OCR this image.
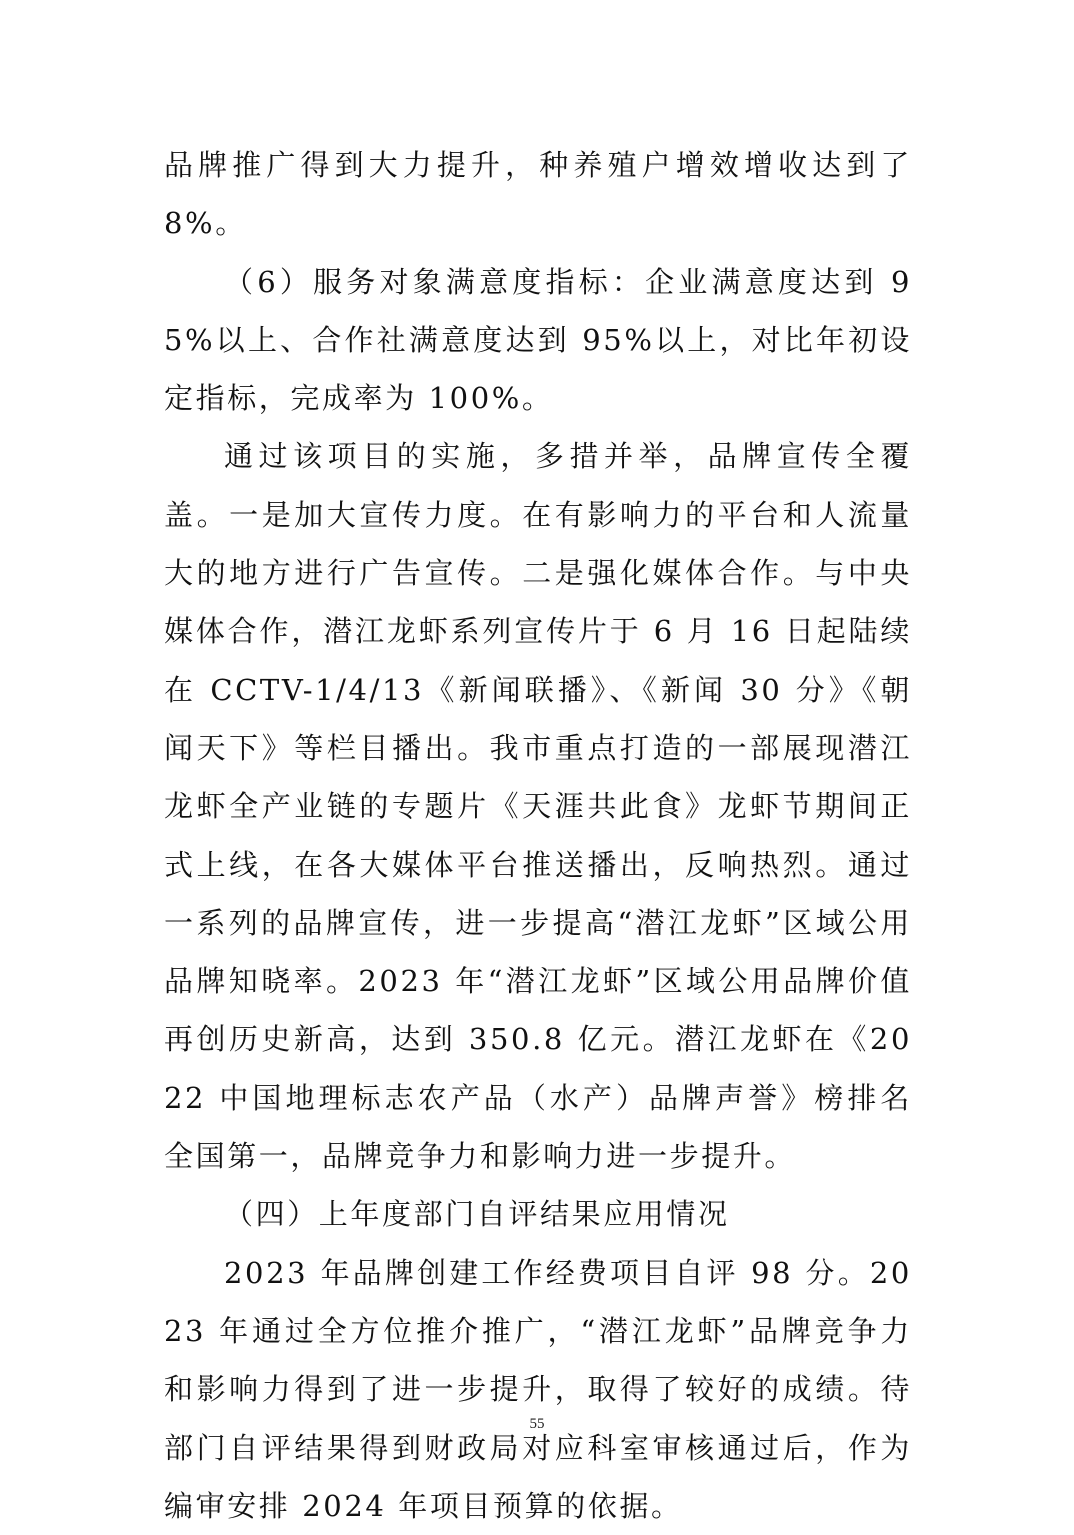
品牌推广得到大力提升，种养殖户增效增收达到了 8%。

（6）服务对象满意度指标：企业满意度达到 95%以上、合作社满意度达到 95%以上，对比年初设定指标，完成率为 100%。

通过该项目的实施，多措并举，品牌宣传全覆盖。一是加大宣传力度。在有影响力的平台和人流量大的地方进行广告宣传。二是强化媒体合作。与中央媒体合作，潜江龙虾系列宣传片于 6 月 16 日起陆续在 CCTV-1/4/13《新闻联播》、《新闻 30 分》《朝闻天下》等栏目播出。我市重点打造的一部展现潜江龙虾全产业链的专题片《天涯共此食》龙虾节期间正式上线，在各大媒体平台推送播出，反响热烈。通过一系列的品牌宣传，进一步提高“潜江龙虾”区域公用品牌知晓率。2023 年“潜江龙虾”区域公用品牌价值再创历史新高，达到 350.8 亿元。潜江龙虾在《2022 中国地理标志农产品（水产）品牌声誉》榜排名全国第一，品牌竞争力和影响力进一步提升。

（四）上年度部门自评结果应用情况

2023 年品牌创建工作经费项目自评 98 分。2023 年通过全方位推介推广，“潜江龙虾”品牌竞争力和影响力得到了进一步提升，取得了较好的成绩。待部门自评结果得到财政局对应科室审核通过后，作为编审安排 2024 年项目预算的依据。

55
